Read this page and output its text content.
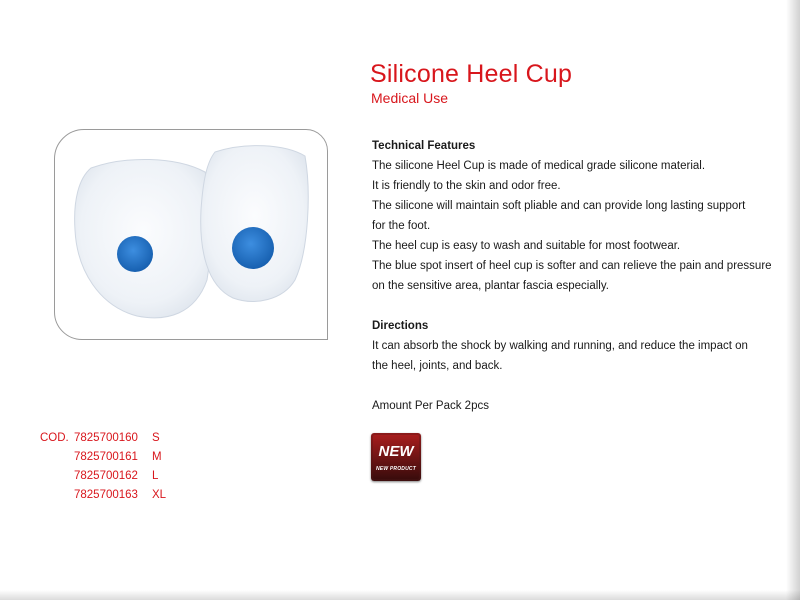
Silicone Heel Cup
Medical Use

Technical Features

The silicone Heel Cup is made of medical grade silicone material.

It is friendly to the skin and odor free.

The silicone will maintain soft pliable and can provide long lasting support

for the foot.

The heel cup is easy to wash and suitable for most footwear.

The blue spot insert of heel cup is softer and can relieve the pain and pressure

on the sensitive area, plantar fascia especially.

Directions

It can absorb the shock by walking and running, and reduce the impact on

the heel, joints, and back.

Amount Per Pack 2pcs

COD. 7825700160 S
7825700161 M
7825700162 L
7825700163 XL
NEW
NEW PRODUCT
